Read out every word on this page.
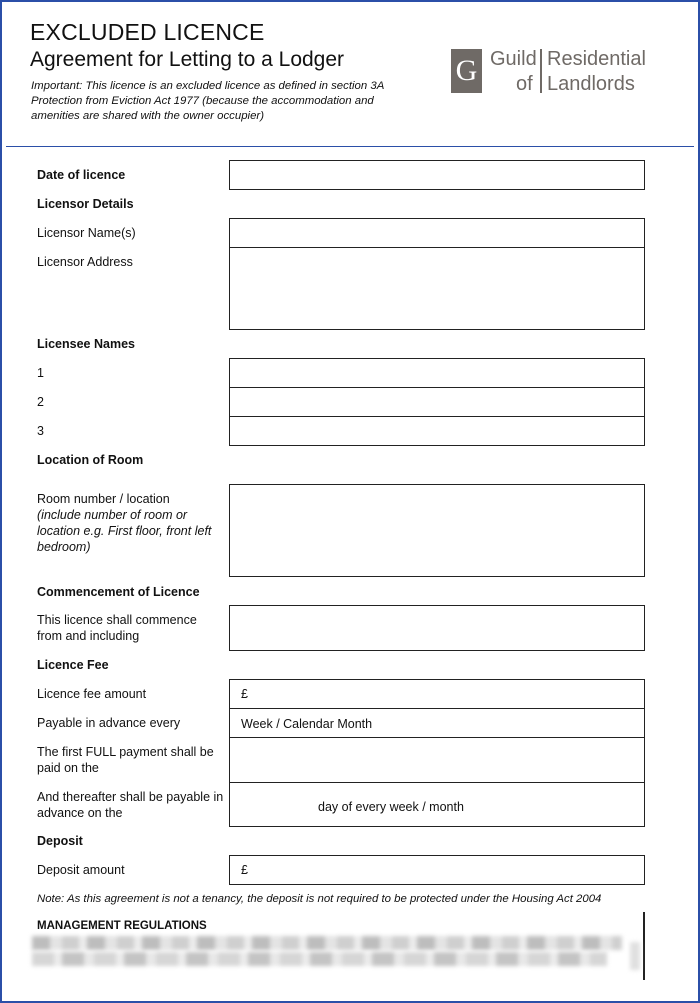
EXCLUDED LICENCE
Agreement for Letting to a Lodger
Important: This licence is an excluded licence as defined in section 3A Protection from Eviction Act 1977 (because the accommodation and amenities are shared with the owner occupier)
G Guild
of
Residential
Landlords
Date of licence
Licensor Details
Licensor Name(s)
Licensor Address
Licensee Names
1
2
3
Location of Room
Room number / location
(include number of room or location e.g. First floor, front left bedroom)
Commencement of Licence
This licence shall commence from and including
Licence Fee
Licence fee amount	£
Payable in advance every	Week / Calendar Month
The first FULL payment shall be paid on the
And thereafter shall be payable in advance on the	day of every week / month
Deposit
Deposit amount	£
Note: As this agreement is not a tenancy, the deposit is not required to be protected under the Housing Act 2004
MANAGEMENT REGULATIONS
